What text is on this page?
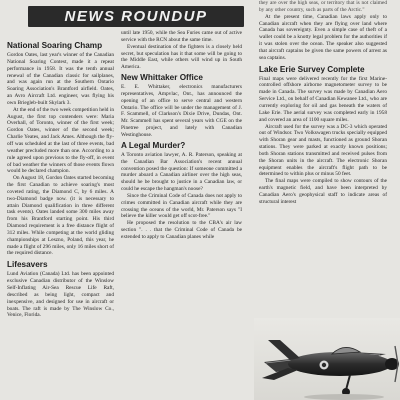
NEWS ROUNDUP
National Soaring Champ

Gordon Oates, last year's winner of the Canadian National Soaring Contest, made it a repeat performance in 1958. It was the tenth annual renewal of the Canadian classic for sailplanes, and was again run at the Southern Ontario Soaring Association's Brantford airfield. Oates, an Avro Aircraft Ltd. engineer, was flying his own Briegleb-built Skylark 3.

At the end of the two week competition held in August, the first top contenders were: Maria Overhall, of Toronto, winner of the first week; Gordon Oates, winner of the second week; Charlie Yeates, and Jack Ames. Although the fly-off was scheduled at the last of three events, bad weather precluded more than one. According to a rule agreed upon previous to the fly-off, in event of bad weather the winners of those events flown would be declared champion.

On August 18, Gordon Oates started becoming the first Canadian to achieve soaring's most coveted rating, the Diamond C, by 6 miles. A two-Diamond badge now. (it is necessary to attain Diamond qualification in three different task events). Oates landed some 300 miles away from his Brantford starting point. His third Diamond requirement is a free distance flight of 312 miles. While competing at the world gliding championships at Leszno, Poland, this year, he made a flight of 296 miles, only 16 miles short of the required distance.

Lifesavers

Lund Aviation (Canada) Ltd. has been appointed exclusive Canadian distributor of the Winslow Self-Inflating Air-Sea Rescue Life Raft, described as being light, compact and inexpensive, and designed for use in aircraft or boats. The raft is made by The Winslow Co., Venice, Florida.

until late 1950, while the Sea Furies came out of active service with the RCN about the same time.

Eventual destination of the fighters is a closely held secret, but speculation has it that some will be going to the Middle East, while others will wind up in South America.

New Whittaker Office

E. E. Whittaker, electronics manufacturers representatives, Ampvlac, Ont., has announced the opening of an office to serve central and western Ontario. The office will be under the management of J. F. Scammell, of Clarkson's Dixie Drive, Dundas, Ont. Mr. Scammell has spent several years with CGE on the Pinetree project, and lately with Canadian Westinghouse.

A Legal Murder?

A Toronto aviation lawyer, A. R. Paterson, speaking at the Canadian Bar Association's recent annual convention posed the question: If someone committed a murder aboard a Canadian airliner over the high seas, should he be brought to justice in a Canadian law, or could he escape the hangman's noose?

Since the Criminal Code of Canada does not apply to crimes committed in Canadian aircraft while they are crossing the oceans of the world, Mr. Paterson says "I believe the killer would get off scot-free."

He proposed the resolution to the CBA's air law section ". . . that the Criminal Code of Canada be extended to apply to Canadian planes while

they are over the high seas, or territory that is not claimed by any other country, such as parts of the Arctic."

At the present time, Canadian laws apply only to Canadian aircraft when they are flying over land where Canada has sovereignty. Even a simple case of theft of a wallet could be a knotty legal problem for the authorities if it was stolen over the ocean. The speaker also suggested that aircraft captains be given the same powers of arrest as sea captains.

Lake Erie Survey Complete

Final maps were delivered recently for the first Marine-controlled offshore airborne magnetometer survey to be made in Canada. The survey was made by Canadian Aero Service Ltd., on behalf of Canadian Kewanee Ltd., who are currently exploring for oil and gas beneath the waters of Lake Erie. The aerial survey was completed early in 1958 and covered an area of 1100 square miles.

Aircraft used for the survey was a DC-3 which operated out of Windsor. Two Volkswagen trucks specially equipped with Shoran gear and masts, functioned as ground Shoran stations. They were parked at exactly known positions; both Shoran stations transmitted and received pulses from the Shoran units in the aircraft. The electronic Shoran equipment enables the aircraft's flight path to be determined to within plus or minus 50 feet.

The final maps were compiled to show contours of the earth's magnetic field, and have been interpreted by Canadian Aero's geophysical staff to indicate areas of structural interest
